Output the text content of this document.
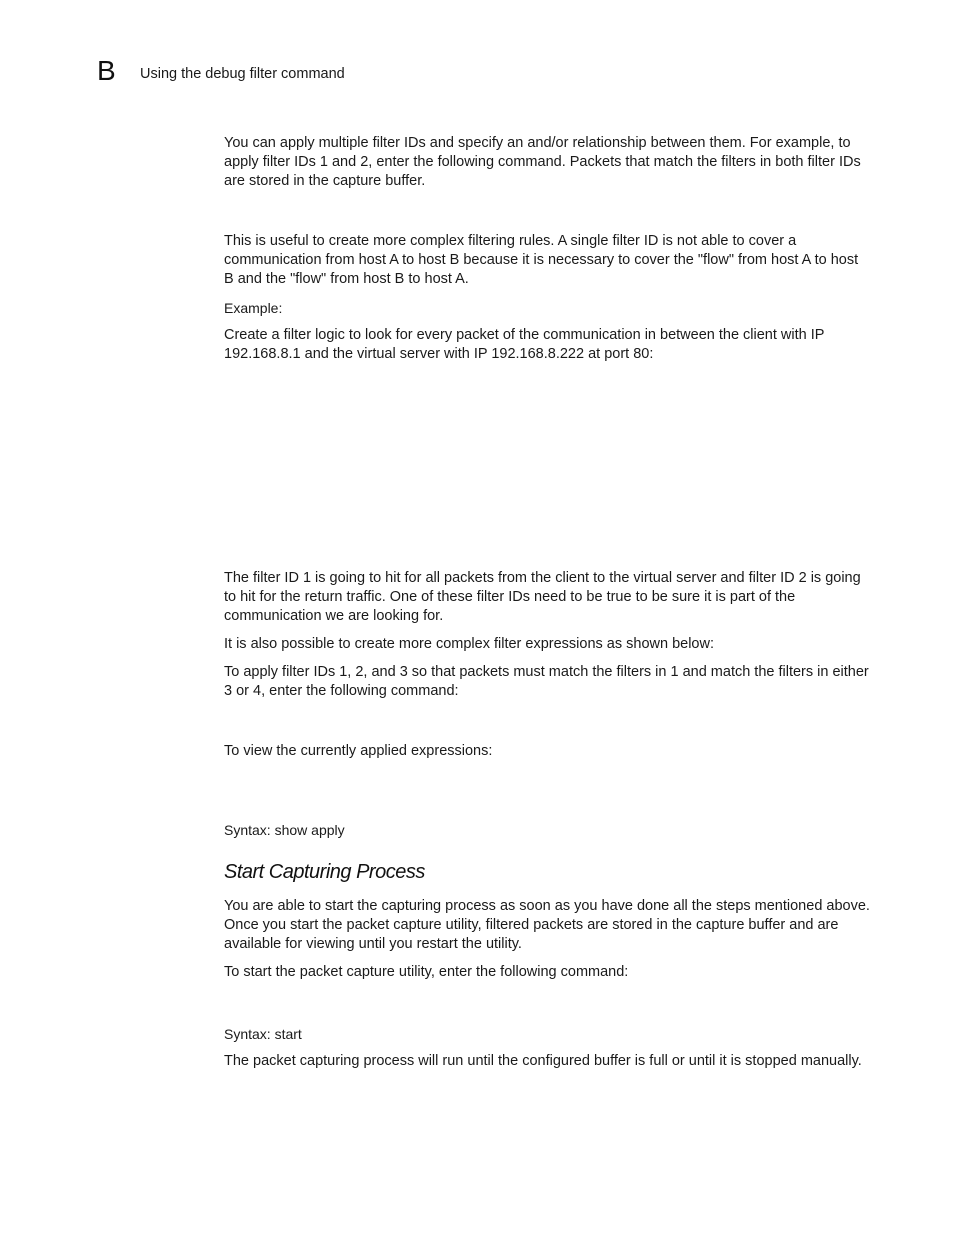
B Using the debug filter command

You can apply multiple filter IDs and specify an and/or relationship between them. For example, to apply filter IDs 1 and 2, enter the following command. Packets that match the filters in both filter IDs are stored in the capture buffer.

This is useful to create more complex filtering rules. A single filter ID is not able to cover a communication from host A to host B because it is necessary to cover the "flow" from host A to host B and the "flow" from host B to host A.

Example:

Create a filter logic to look for every packet of the communication in between the client with IP 192.168.8.1 and the virtual server with IP 192.168.8.222 at port 80:

The filter ID 1 is going to hit for all packets from the client to the virtual server and filter ID 2 is going to hit for the return traffic. One of these filter IDs need to be true to be sure it is part of the communication we are looking for.

It is also possible to create more complex filter expressions as shown below:

To apply filter IDs 1, 2, and 3 so that packets must match the filters in 1 and match the filters in either 3 or 4, enter the following command:

To view the currently applied expressions:

Syntax: show apply
Start Capturing Process

You are able to start the capturing process as soon as you have done all the steps mentioned above. Once you start the packet capture utility, filtered packets are stored in the capture buffer and are available for viewing until you restart the utility.

To start the packet capture utility, enter the following command:

Syntax: start

The packet capturing process will run until the configured buffer is full or until it is stopped manually.
